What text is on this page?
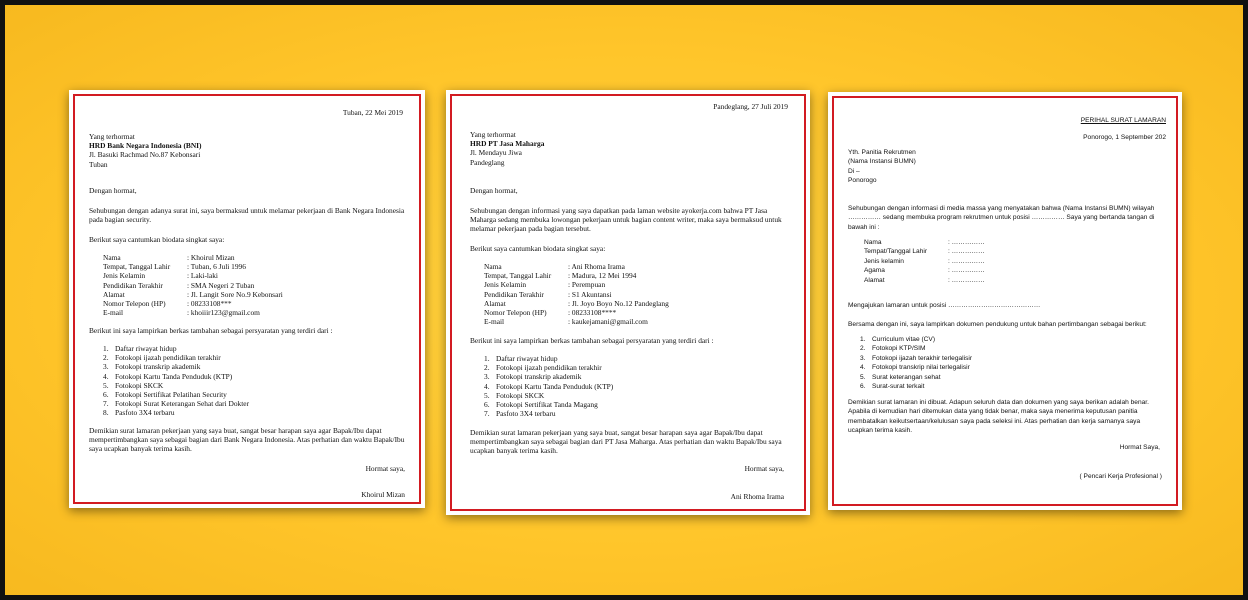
Tuban, 22 Mei 2019
Yang terhormat
HRD Bank Negara Indonesia (BNI)
Jl. Basuki Rachmad No.87 Kebonsari
Tuban
Dengan hormat,
Sehubungan dengan adanya surat ini, saya bermaksud untuk melamar pekerjaan di Bank Negara Indonesia pada bagian security.
Berikut saya cantumkan biodata singkat saya:
Nama	: Khoirul Mizan
Tempat, Tanggal Lahir	: Tuban, 6 Juli 1996
Jenis Kelamin	: Laki-laki
Pendidikan Terakhir	: SMA Negeri 2 Tuban
Alamat	: Jl. Langit Sore No.9 Kebonsari
Nomor Telepon (HP)	: 08233108***
E-mail	: khoiiir123@gmail.com
Berikut ini saya lampirkan berkas tambahan sebagai persyaratan yang terdiri dari :
1. Daftar riwayat hidup
2. Fotokopi ijazah pendidikan terakhir
3. Fotokopi transkrip akademik
4. Fotokopi Kartu Tanda Penduduk (KTP)
5. Fotokopi SKCK
6. Fotokopi Sertifikat Pelatihan Security
7. Fotokopi Surat Keterangan Sehat dari Dokter
8. Pasfoto 3X4 terbaru
Demikian surat lamaran pekerjaan yang saya buat, sangat besar harapan saya agar Bapak/Ibu dapat mempertimbangkan saya sebagai bagian dari Bank Negara Indonesia. Atas perhatian dan waktu Bapak/Ibu saya ucapkan banyak terima kasih.
Hormat saya,
Khoirul Mizan
Pandeglang, 27 Juli 2019
Yang terhormat
HRD PT Jasa Maharga
Jl. Mendayu Jiwa
Pandeglang
Dengan hormat,
Sehubungan dengan informasi yang saya dapatkan pada laman website ayokerja.com bahwa PT Jasa Maharga sedang membuka lowongan pekerjaan untuk bagian content writer, maka saya bermaksud untuk melamar pekerjaan pada bagian tersebut.
Berikut saya cantumkan biodata singkat saya:
Nama	: Ani Rhoma Irama
Tempat, Tanggal Lahir	: Madura, 12 Mei 1994
Jenis Kelamin	: Perempuan
Pendidikan Terakhir	: S1 Akuntansi
Alamat	: Jl. Joyo Boyo No.12 Pandeglang
Nomor Telepon (HP)	: 08233108****
E-mail	: kaukejamani@gmail.com
Berikut ini saya lampirkan berkas tambahan sebagai persyaratan yang terdiri dari :
1. Daftar riwayat hidup
2. Fotokopi ijazah pendidikan terakhir
3. Fotokopi transkrip akademik
4. Fotokopi Kartu Tanda Penduduk (KTP)
5. Fotokopi SKCK
6. Fotokopi Sertifikat Tanda Magang
7. Pasfoto 3X4 terbaru
Demikian surat lamaran pekerjaan yang saya buat, sangat besar harapan saya agar Bapak/Ibu dapat mempertimbangkan saya sebagai bagian dari PT Jasa Maharga. Atas perhatian dan waktu Bapak/Ibu saya ucapkan banyak terima kasih.
Hormat saya,
Ani Rhoma Irama
PERIHAL SURAT LAMARAN
Ponorogo, 1 September 202
Yth. Panitia Rekrutmen
(Nama Instansi BUMN)
Di –
Ponorogo
Sehubungan dengan informasi di media massa yang menyatakan bahwa (Nama Instansi BUMN) wilayah …………… sedang membuka program rekrutmen untuk posisi …………… Saya yang bertanda tangan di bawah ini :
Nama	: ……………
Tempat/Tanggal Lahir	: ……………
Jenis kelamin	: ……………
Agama	: ……………
Alamat	: ……………
Mengajukan lamaran untuk posisi ……………………………………
Bersama dengan ini, saya lampirkan dokumen pendukung untuk bahan pertimbangan sebagai berikut:
1. Curriculum vitae (CV)
2. Fotokopi KTP/SIM
3. Fotokopi ijazah terakhir terlegalisir
4. Fotokopi transkrip nilai terlegalisir
5. Surat keterangan sehat
6. Surat-surat terkait
Demikian surat lamaran ini dibuat. Adapun seluruh data dan dokumen yang saya berikan adalah benar. Apabila di kemudian hari ditemukan data yang tidak benar, maka saya menerima keputusan panitia membatalkan keikutsertaan/kelulusan saya pada seleksi ini. Atas perhatian dan kerja samanya saya ucapkan terima kasih.
Hormat Saya,
( Pencari Kerja Profesional )
